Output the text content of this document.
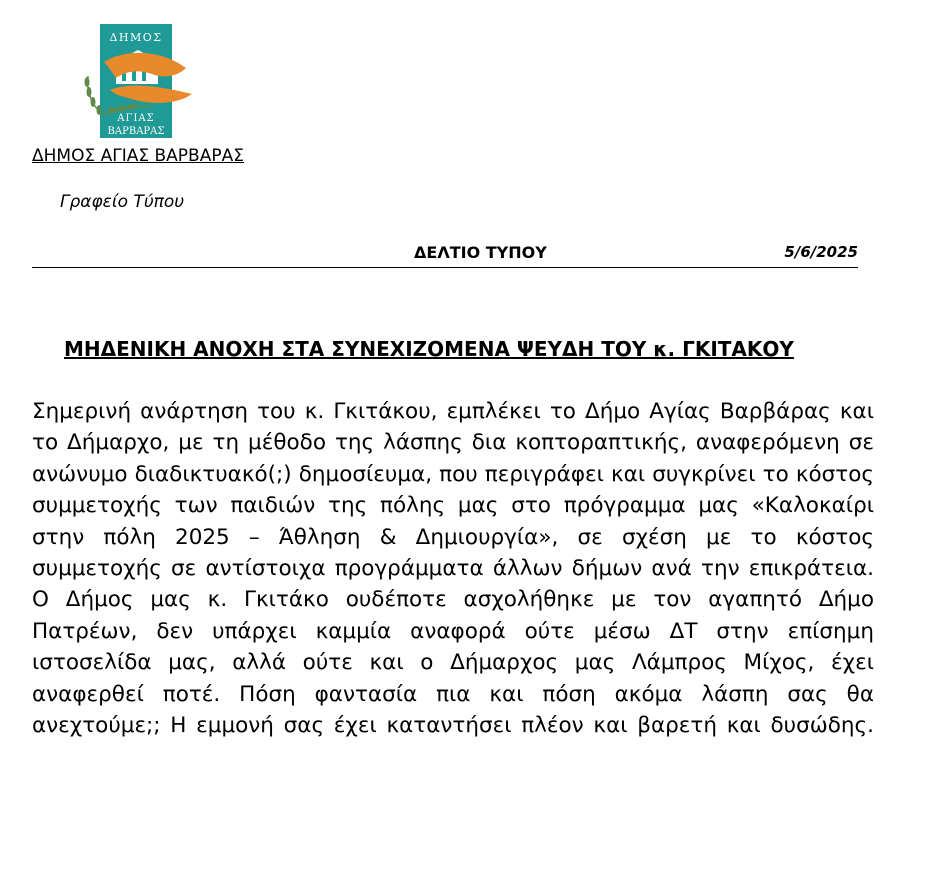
ΔΗΜΟΣ
ΑΓΙΑΣ
ΒΑΡΒΑΡΑΣ
ΔΗΜΟΣ ΑΓΙΑΣ ΒΑΡΒΑΡΑΣ
Γραφείο Τύπου
ΔΕΛΤΙΟ ΤΥΠΟΥ	5/6/2025
ΜΗΔΕΝΙΚΗ ΑΝΟΧΗ ΣΤΑ ΣΥΝΕΧΙΖΟΜΕΝΑ ΨΕΥΔΗ ΤΟΥ κ. ΓΚΙΤΑΚΟΥ

Σημερινή ανάρτηση του κ. Γκιτάκου, εμπλέκει το Δήμο Αγίας Βαρβάρας και το Δήμαρχο, με τη μέθοδο της λάσπης δια κοπτοραπτικής, αναφερόμενη σε ανώνυμο διαδικτυακό(;) δημοσίευμα, που περιγράφει και συγκρίνει το κόστος συμμετοχής των παιδιών της πόλης μας στο πρόγραμμα μας «Καλοκαίρι στην πόλη 2025 – Άθληση & Δημιουργία», σε σχέση με το κόστος συμμετοχής σε αντίστοιχα προγράμματα άλλων δήμων ανά την επικράτεια. Ο Δήμος μας κ. Γκιτάκο ουδέποτε ασχολήθηκε με τον αγαπητό Δήμο Πατρέων, δεν υπάρχει καμμία αναφορά ούτε μέσω ΔΤ στην επίσημη ιστοσελίδα μας, αλλά ούτε και ο Δήμαρχος μας Λάμπρος Μίχος, έχει αναφερθεί ποτέ. Πόση φαντασία πια και πόση ακόμα λάσπη σας θα ανεχτούμε;; Η εμμονή σας έχει καταντήσει πλέον και βαρετή και δυσώδης.
